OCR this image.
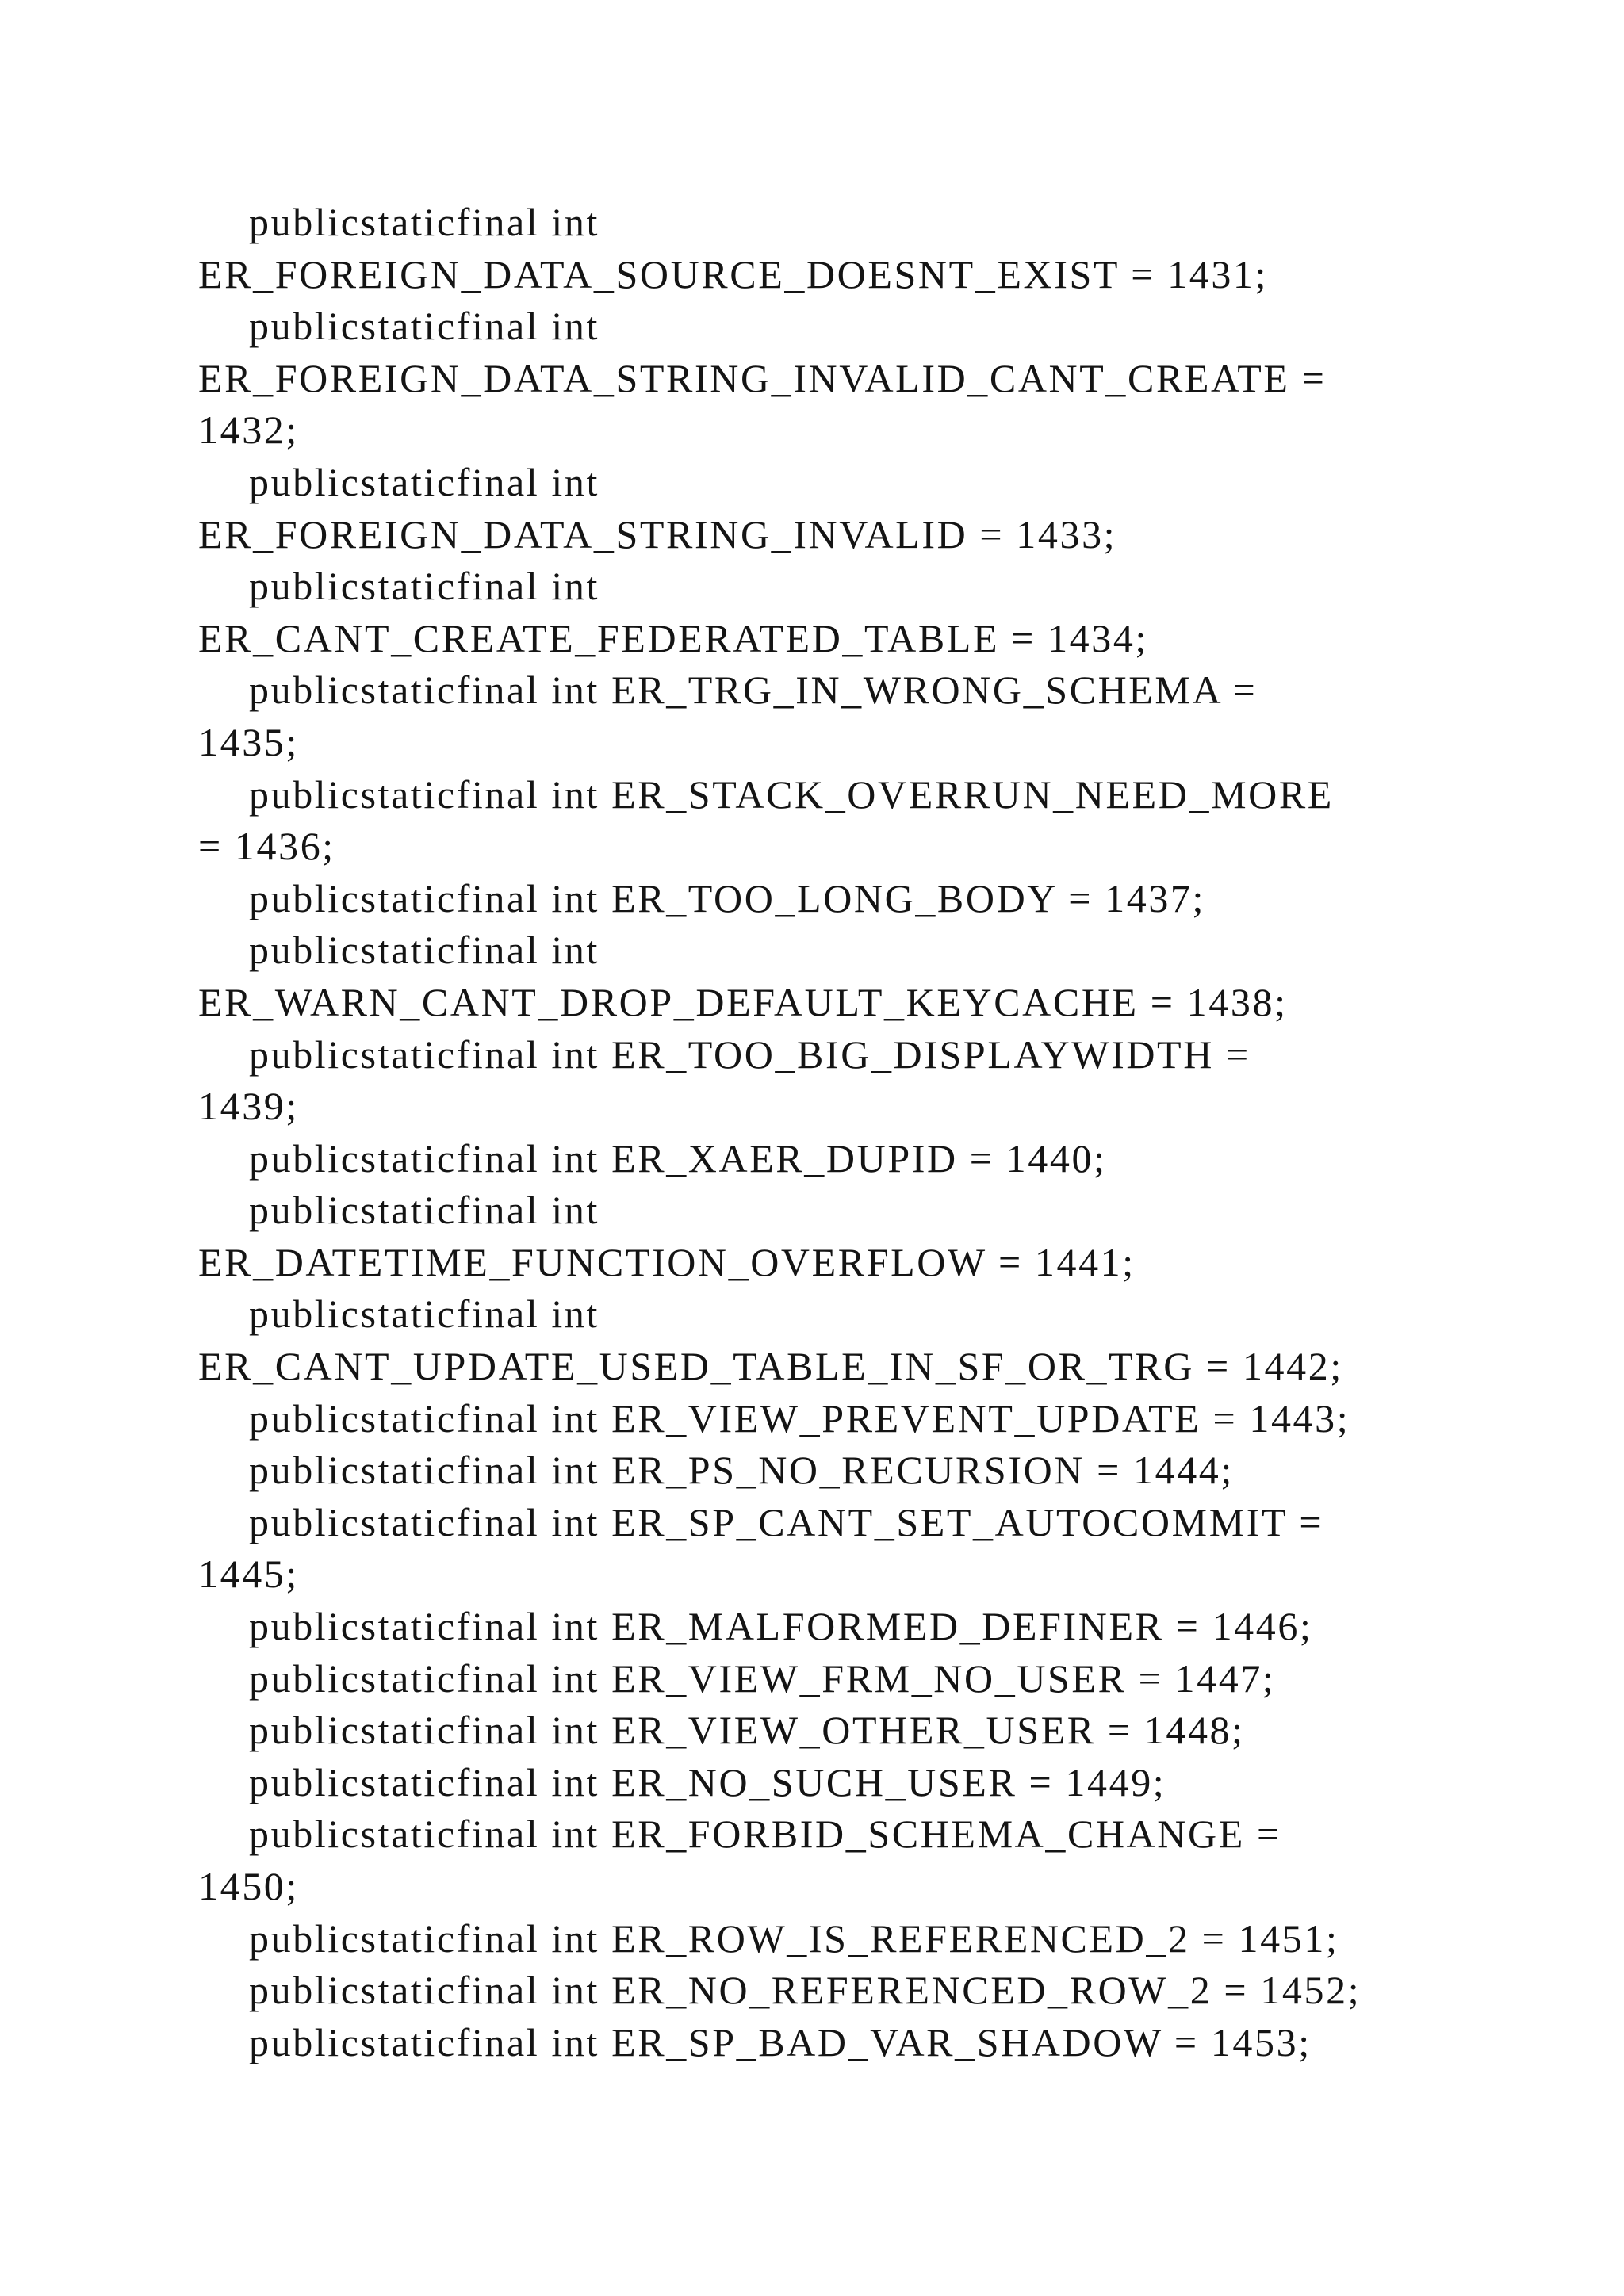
publicstaticfinal int
ER_FOREIGN_DATA_SOURCE_DOESNT_EXIST = 1431;
publicstaticfinal int
ER_FOREIGN_DATA_STRING_INVALID_CANT_CREATE =
1432;
publicstaticfinal int
ER_FOREIGN_DATA_STRING_INVALID = 1433;
publicstaticfinal int
ER_CANT_CREATE_FEDERATED_TABLE = 1434;
publicstaticfinal int ER_TRG_IN_WRONG_SCHEMA =
1435;
publicstaticfinal int ER_STACK_OVERRUN_NEED_MORE
= 1436;
publicstaticfinal int ER_TOO_LONG_BODY = 1437;
publicstaticfinal int
ER_WARN_CANT_DROP_DEFAULT_KEYCACHE = 1438;
publicstaticfinal int ER_TOO_BIG_DISPLAYWIDTH =
1439;
publicstaticfinal int ER_XAER_DUPID = 1440;
publicstaticfinal int
ER_DATETIME_FUNCTION_OVERFLOW = 1441;
publicstaticfinal int
ER_CANT_UPDATE_USED_TABLE_IN_SF_OR_TRG = 1442;
publicstaticfinal int ER_VIEW_PREVENT_UPDATE = 1443;
publicstaticfinal int ER_PS_NO_RECURSION = 1444;
publicstaticfinal int ER_SP_CANT_SET_AUTOCOMMIT =
1445;
publicstaticfinal int ER_MALFORMED_DEFINER = 1446;
publicstaticfinal int ER_VIEW_FRM_NO_USER = 1447;
publicstaticfinal int ER_VIEW_OTHER_USER = 1448;
publicstaticfinal int ER_NO_SUCH_USER = 1449;
publicstaticfinal int ER_FORBID_SCHEMA_CHANGE =
1450;
publicstaticfinal int ER_ROW_IS_REFERENCED_2 = 1451;
publicstaticfinal int ER_NO_REFERENCED_ROW_2 = 1452;
publicstaticfinal int ER_SP_BAD_VAR_SHADOW = 1453;
